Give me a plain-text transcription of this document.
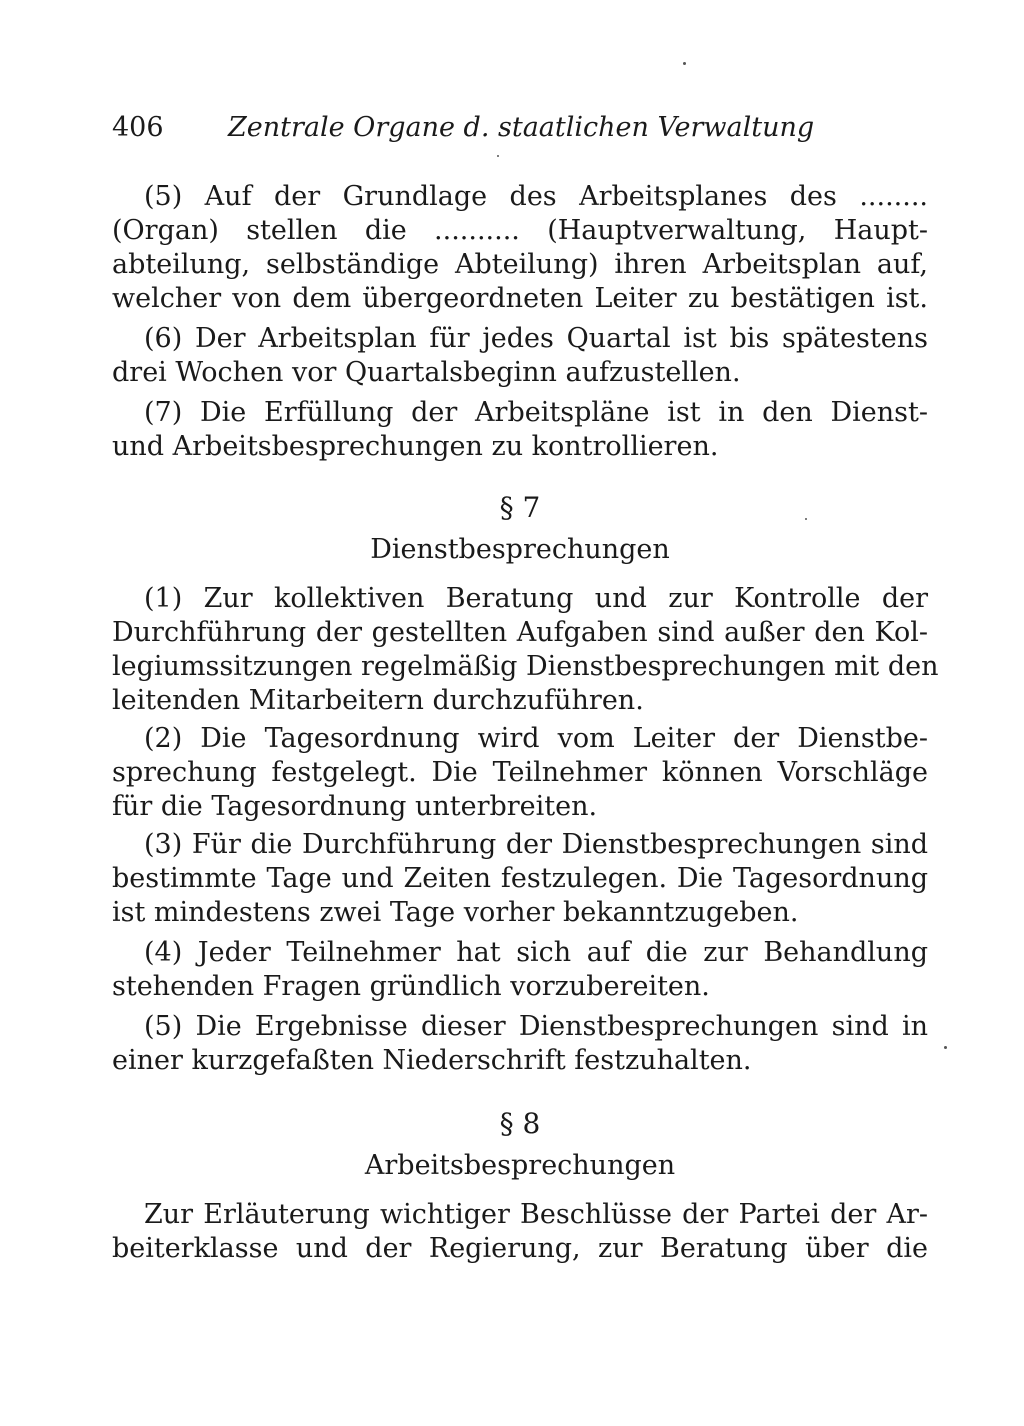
406 Zentrale Organe d. staatlichen Verwaltung
(5) Auf der Grundlage des Arbeitsplanes des ........
(Organ) stellen die .......... (Hauptverwaltung, Haupt-
abteilung, selbständige Abteilung) ihren Arbeitsplan auf,
welcher von dem übergeordneten Leiter zu bestätigen ist.
(6) Der Arbeitsplan für jedes Quartal ist bis spätestens
drei Wochen vor Quartalsbeginn aufzustellen.
(7) Die Erfüllung der Arbeitspläne ist in den Dienst-
und Arbeitsbesprechungen zu kontrollieren.
§ 7
Dienstbesprechungen
(1) Zur kollektiven Beratung und zur Kontrolle der
Durchführung der gestellten Aufgaben sind außer den Kol-
legiumssitzungen regelmäßig Dienstbesprechungen mit den
leitenden Mitarbeitern durchzuführen.
(2) Die Tagesordnung wird vom Leiter der Dienstbe-
sprechung festgelegt. Die Teilnehmer können Vorschläge
für die Tagesordnung unterbreiten.
(3) Für die Durchführung der Dienstbesprechungen sind
bestimmte Tage und Zeiten festzulegen. Die Tagesordnung
ist mindestens zwei Tage vorher bekanntzugeben.
(4) Jeder Teilnehmer hat sich auf die zur Behandlung
stehenden Fragen gründlich vorzubereiten.
(5) Die Ergebnisse dieser Dienstbesprechungen sind in
einer kurzgefaßten Niederschrift festzuhalten.
§ 8
Arbeitsbesprechungen
Zur Erläuterung wichtiger Beschlüsse der Partei der Ar-
beiterklasse und der Regierung, zur Beratung über die
